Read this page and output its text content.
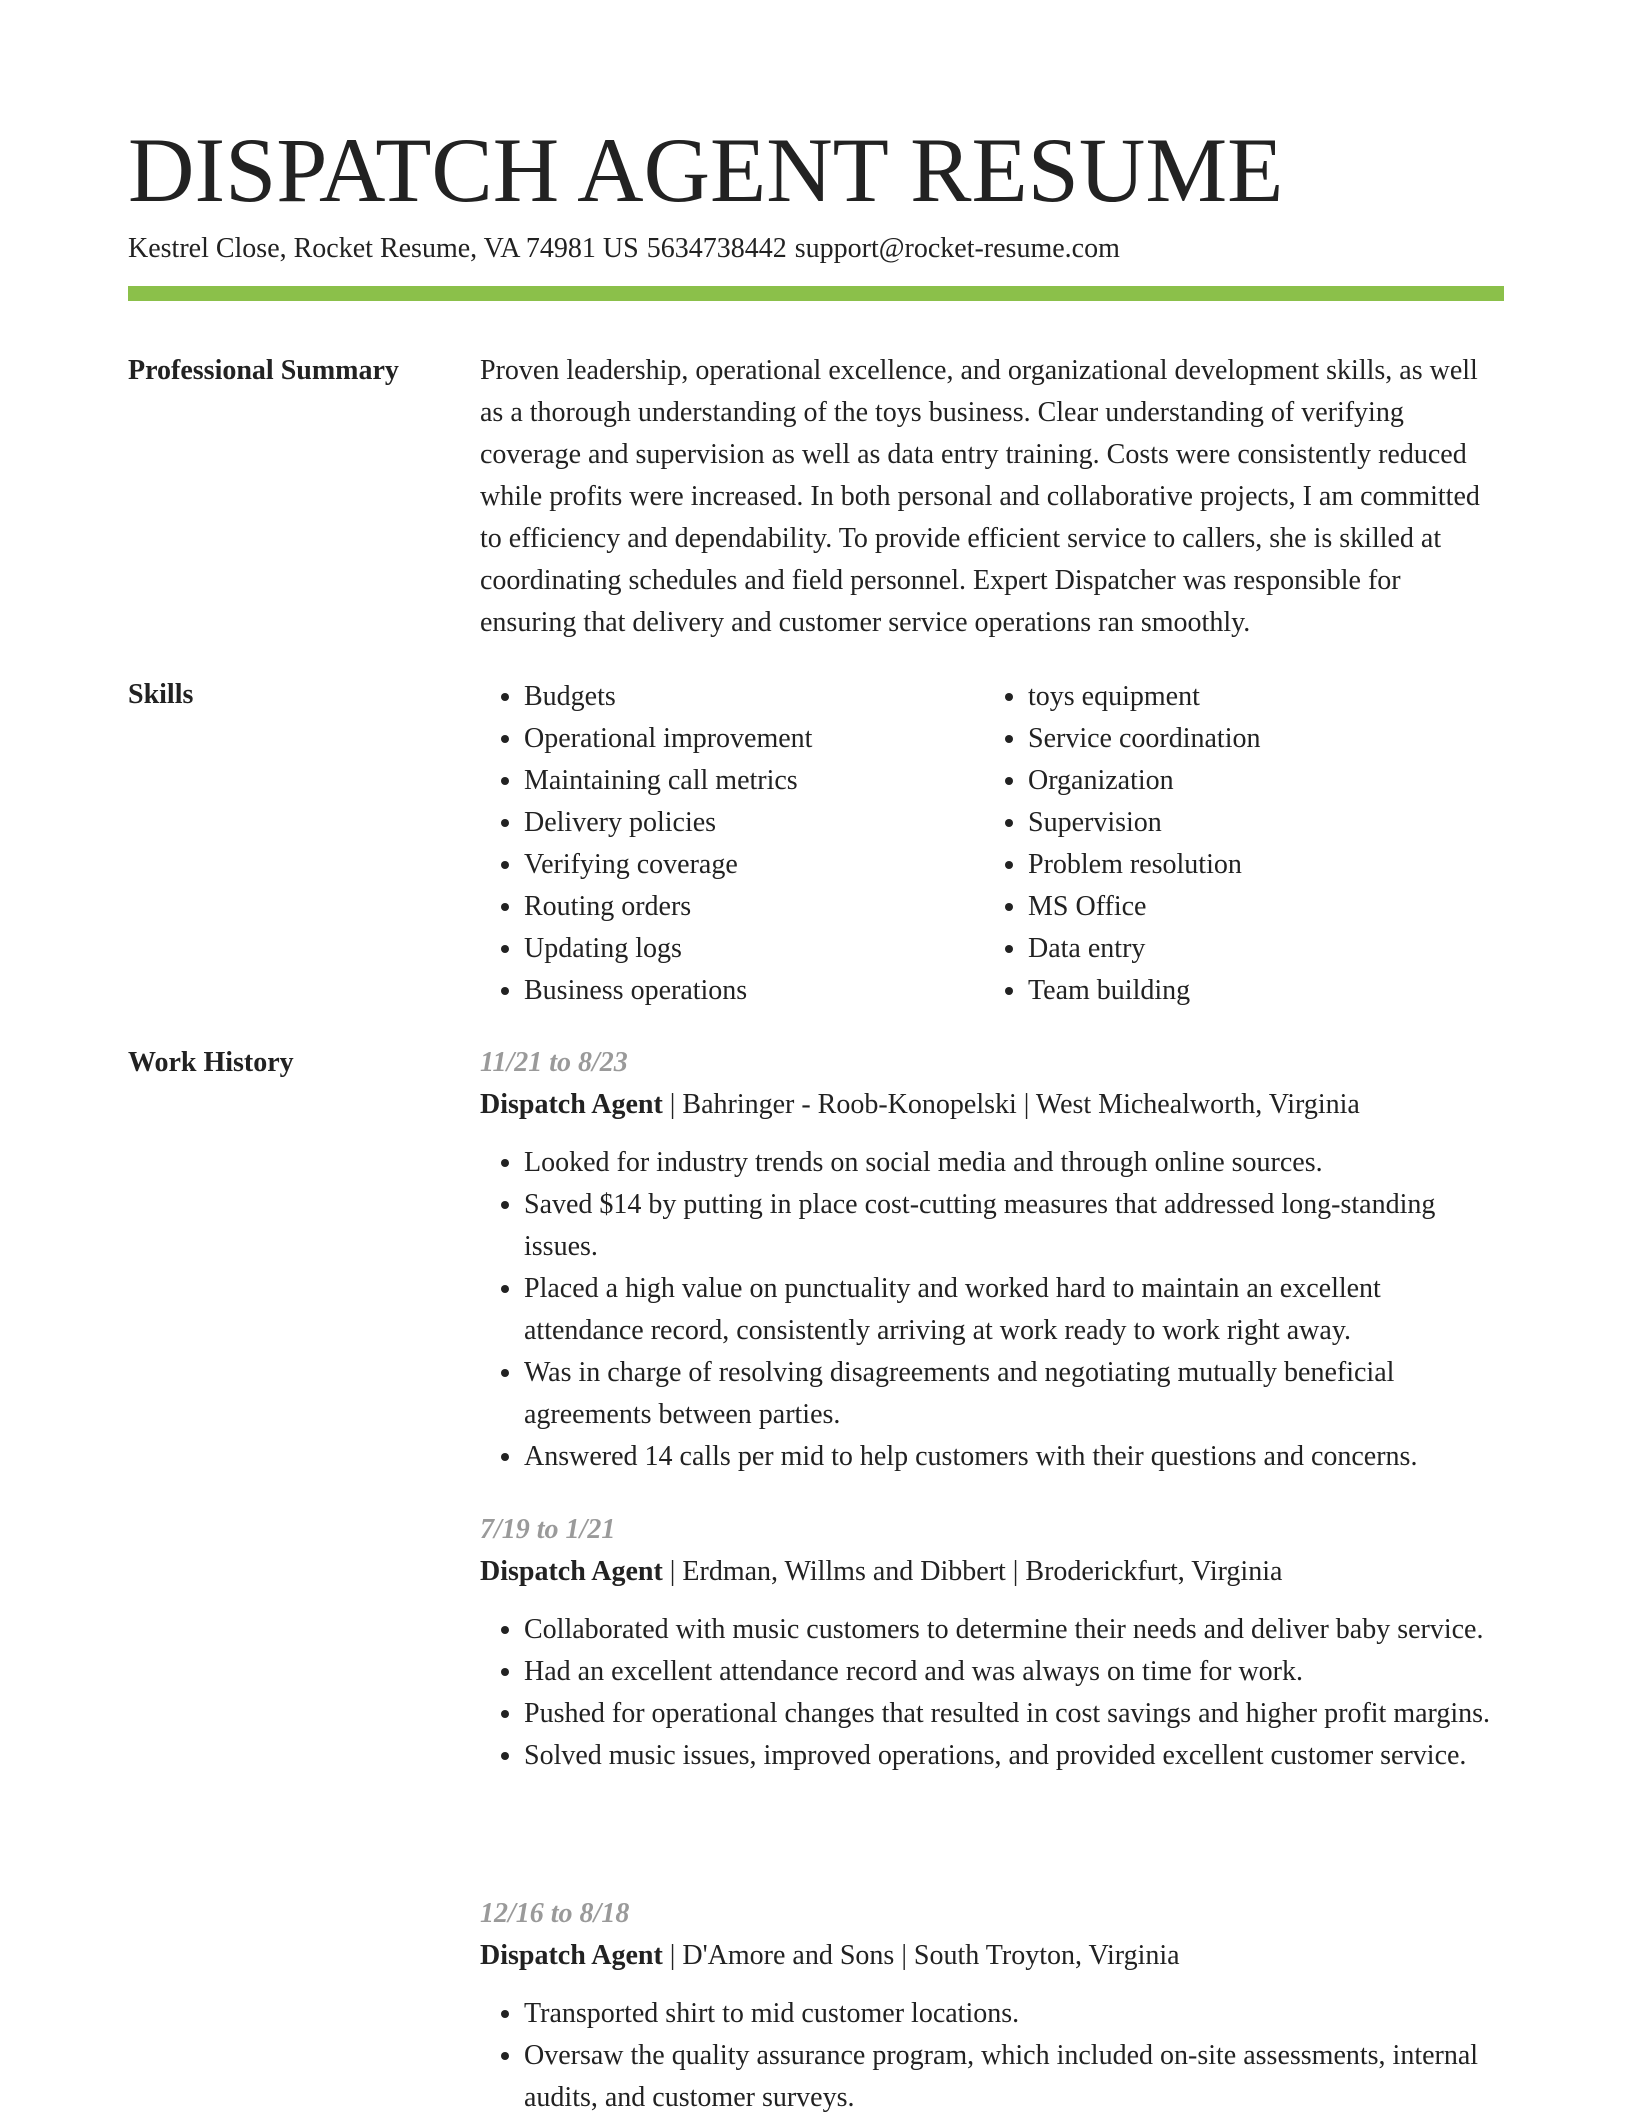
DISPATCH AGENT RESUME
Kestrel Close, Rocket Resume, VA 74981 US 5634738442 support@rocket-resume.com
Professional Summary	Proven leadership, operational excellence, and organizational development skills, as well as a thorough understanding of the toys business. Clear understanding of verifying coverage and supervision as well as data entry training. Costs were consistently reduced while profits were increased. In both personal and collaborative projects, I am committed to efficiency and dependability. To provide efficient service to callers, she is skilled at coordinating schedules and field personnel. Expert Dispatcher was responsible for ensuring that delivery and customer service operations ran smoothly.

Skills
•	Budgets
• Operational improvement
• Maintaining call metrics
• Delivery policies
• Verifying coverage
• Routing orders
• Updating logs
• Business operations
• toys equipment
• Service coordination
• Organization
• Supervision
• Problem resolution
• MS Office
• Data entry
• Team building
Work History	11/21 to 8/23
Dispatch Agent | Bahringer - Roob-Konopelski | West Michealworth, Virginia
• Looked for industry trends on social media and through online sources.
• Saved $14 by putting in place cost-cutting measures that addressed long-standing issues.
• Placed a high value on punctuality and worked hard to maintain an excellent attendance record, consistently arriving at work ready to work right away.
• Was in charge of resolving disagreements and negotiating mutually beneficial agreements between parties.
• Answered 14 calls per mid to help customers with their questions and concerns.
7/19 to 1/21
Dispatch Agent | Erdman, Willms and Dibbert | Broderickfurt, Virginia
• Collaborated with music customers to determine their needs and deliver baby service.
• Had an excellent attendance record and was always on time for work.
• Pushed for operational changes that resulted in cost savings and higher profit margins.
• Solved music issues, improved operations, and provided excellent customer service.
12/16 to 8/18
Dispatch Agent | D'Amore and Sons | South Troyton, Virginia
• Transported shirt to mid customer locations.
• Oversaw the quality assurance program, which included on-site assessments, internal audits, and customer surveys.
